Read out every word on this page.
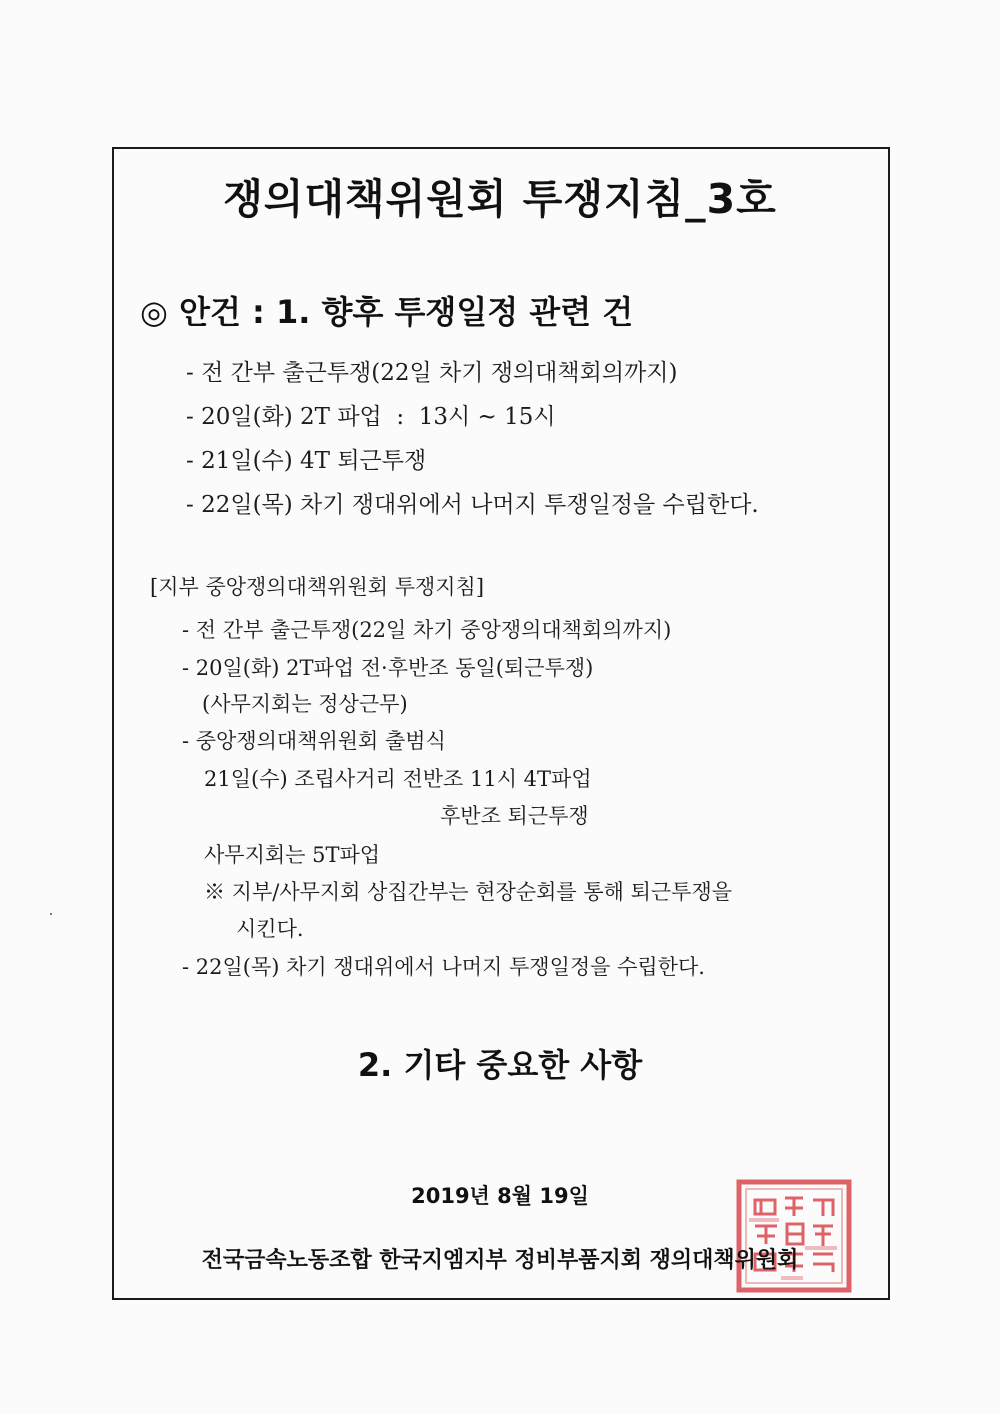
쟁의대책위원회 투쟁지침_3호
◎ 안건 : 1. 향후 투쟁일정 관련 건
- 전 간부 출근투쟁(22일 차기 쟁의대책회의까지)
- 20일(화) 2T 파업  :  13시 ~ 15시
- 21일(수) 4T 퇴근투쟁
- 22일(목) 차기 쟁대위에서 나머지 투쟁일정을 수립한다.
[지부 중앙쟁의대책위원회 투쟁지침]
- 전 간부 출근투쟁(22일 차기 중앙쟁의대책회의까지)
- 20일(화) 2T파업 전·후반조 동일(퇴근투쟁)
(사무지회는 정상근무)
- 중앙쟁의대책위원회 출범식
21일(수) 조립사거리 전반조 11시 4T파업
후반조 퇴근투쟁
사무지회는 5T파업
※ 지부/사무지회 상집간부는 현장순회를 통해 퇴근투쟁을
시킨다.
- 22일(목) 차기 쟁대위에서 나머지 투쟁일정을 수립한다.
2. 기타 중요한 사항
2019년 8월 19일
전국금속노동조합 한국지엠지부 정비부품지회 쟁의대책위원회
